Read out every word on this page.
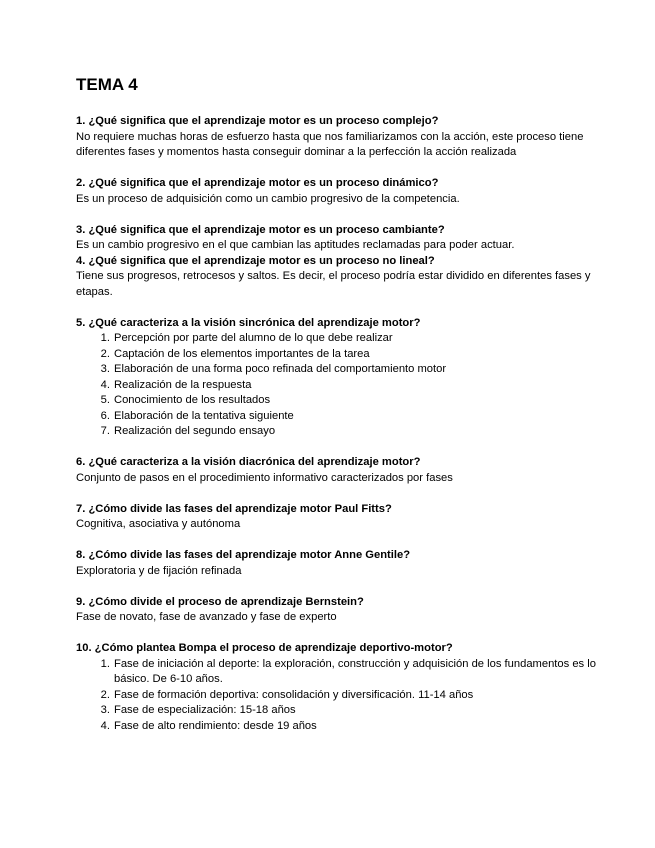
TEMA 4
1. ¿Qué significa que el aprendizaje motor es un proceso complejo?
No requiere muchas horas de esfuerzo hasta que nos familiarizamos con la acción, este proceso tiene diferentes fases y momentos hasta conseguir dominar a la perfección la acción realizada
2. ¿Qué significa que el aprendizaje motor es un proceso dinámico?
Es un proceso de adquisición como un cambio progresivo de la competencia.
3. ¿Qué significa que el aprendizaje motor es un proceso cambiante?
Es un cambio progresivo en el que cambian las aptitudes reclamadas para poder actuar.
4. ¿Qué significa que el aprendizaje motor es un proceso no lineal?
Tiene sus progresos, retrocesos y saltos. Es decir, el proceso podría estar dividido en diferentes fases y etapas.
5. ¿Qué caracteriza a la visión sincrónica del aprendizaje motor?
1. Percepción por parte del alumno de lo que debe realizar
2. Captación de los elementos importantes de la tarea
3. Elaboración de una forma poco refinada del comportamiento motor
4. Realización de la respuesta
5. Conocimiento de los resultados
6. Elaboración de la tentativa siguiente
7. Realización del segundo ensayo
6. ¿Qué caracteriza a la visión diacrónica del aprendizaje motor?
Conjunto de pasos en el procedimiento informativo caracterizados por fases
7. ¿Cómo divide las fases del aprendizaje motor Paul Fitts?
Cognitiva, asociativa y autónoma
8. ¿Cómo divide las fases del aprendizaje motor Anne Gentile?
Exploratoria y de fijación refinada
9. ¿Cómo divide el proceso de aprendizaje Bernstein?
Fase de novato, fase de avanzado y fase de experto
10. ¿Cómo plantea Bompa el proceso de aprendizaje deportivo-motor?
1. Fase de iniciación al deporte: la exploración, construcción y adquisición de los fundamentos es lo básico. De 6-10 años.
2. Fase de formación deportiva: consolidación y diversificación. 11-14 años
3. Fase de especialización: 15-18 años
4. Fase de alto rendimiento: desde 19 años
